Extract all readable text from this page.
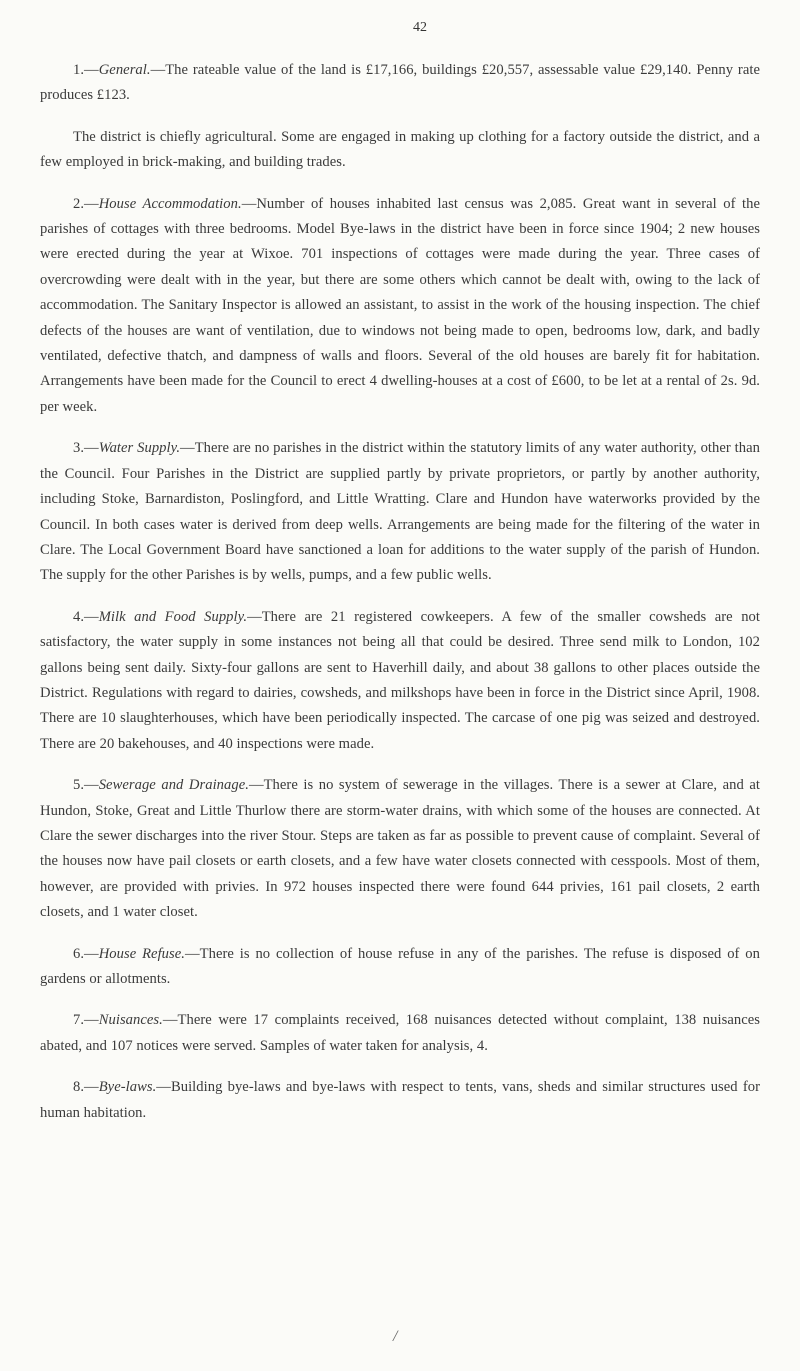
42

1.—General.—The rateable value of the land is £17,166, buildings £20,557, assessable value £29,140. Penny rate produces £123.

The district is chiefly agricultural. Some are engaged in making up clothing for a factory outside the district, and a few employed in brick-making, and building trades.

2.—House Accommodation.—Number of houses inhabited last census was 2,085. Great want in several of the parishes of cottages with three bedrooms. Model Bye-laws in the district have been in force since 1904; 2 new houses were erected during the year at Wixoe. 701 inspections of cottages were made during the year. Three cases of overcrowding were dealt with in the year, but there are some others which cannot be dealt with, owing to the lack of accommodation. The Sanitary Inspector is allowed an assistant, to assist in the work of the housing inspection. The chief defects of the houses are want of ventilation, due to windows not being made to open, bedrooms low, dark, and badly ventilated, defective thatch, and dampness of walls and floors. Several of the old houses are barely fit for habitation. Arrangements have been made for the Council to erect 4 dwelling-houses at a cost of £600, to be let at a rental of 2s. 9d. per week.

3.—Water Supply.—There are no parishes in the district within the statutory limits of any water authority, other than the Council. Four Parishes in the District are supplied partly by private proprietors, or partly by another authority, including Stoke, Barnardiston, Poslingford, and Little Wratting. Clare and Hundon have waterworks provided by the Council. In both cases water is derived from deep wells. Arrangements are being made for the filtering of the water in Clare. The Local Government Board have sanctioned a loan for additions to the water supply of the parish of Hundon. The supply for the other Parishes is by wells, pumps, and a few public wells.

4.—Milk and Food Supply.—There are 21 registered cowkeepers. A few of the smaller cowsheds are not satisfactory, the water supply in some instances not being all that could be desired. Three send milk to London, 102 gallons being sent daily. Sixty-four gallons are sent to Haverhill daily, and about 38 gallons to other places outside the District. Regulations with regard to dairies, cowsheds, and milkshops have been in force in the District since April, 1908. There are 10 slaughterhouses, which have been periodically inspected. The carcase of one pig was seized and destroyed. There are 20 bakehouses, and 40 inspections were made.

5.—Sewerage and Drainage.—There is no system of sewerage in the villages. There is a sewer at Clare, and at Hundon, Stoke, Great and Little Thurlow there are storm-water drains, with which some of the houses are connected. At Clare the sewer discharges into the river Stour. Steps are taken as far as possible to prevent cause of complaint. Several of the houses now have pail closets or earth closets, and a few have water closets connected with cesspools. Most of them, however, are provided with privies. In 972 houses inspected there were found 644 privies, 161 pail closets, 2 earth closets, and 1 water closet.

6.—House Refuse.—There is no collection of house refuse in any of the parishes. The refuse is disposed of on gardens or allotments.

7.—Nuisances.—There were 17 complaints received, 168 nuisances detected without complaint, 138 nuisances abated, and 107 notices were served. Samples of water taken for analysis, 4.

8.—Bye-laws.—Building bye-laws and bye-laws with respect to tents, vans, sheds and similar structures used for human habitation.

/
